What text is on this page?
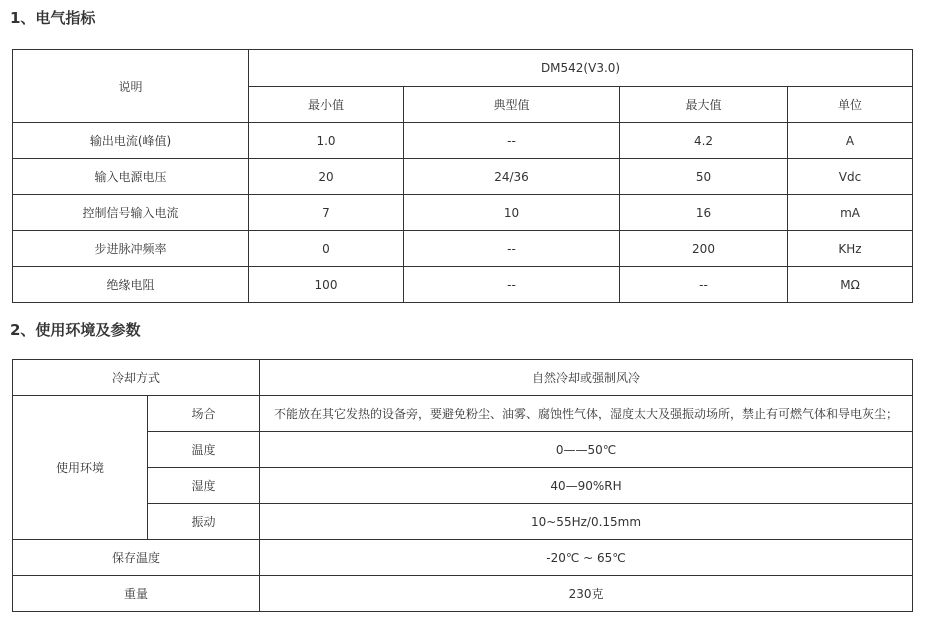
1、电气指标
说明	DM542(V3.0)			
	最小值	典型值	最大值	单位
输出电流(峰值)	1.0	--	4.2	A
输入电源电压	20	24/36	50	Vdc
控制信号输入电流	7	10	16	mA
步进脉冲频率	0	--	200	KHz
绝缘电阻	100	--	--	MΩ
2、使用环境及参数
冷却方式		自然冷却或强制风冷
使用环境	场合	不能放在其它发热的设备旁，要避免粉尘、油雾、腐蚀性气体，湿度太大及强振动场所，禁止有可燃气体和导电灰尘；
	温度	0——50℃
	湿度	40—90%RH
	振动	10~55Hz/0.15mm
保存温度		-20℃ ~ 65℃
重量		230克
